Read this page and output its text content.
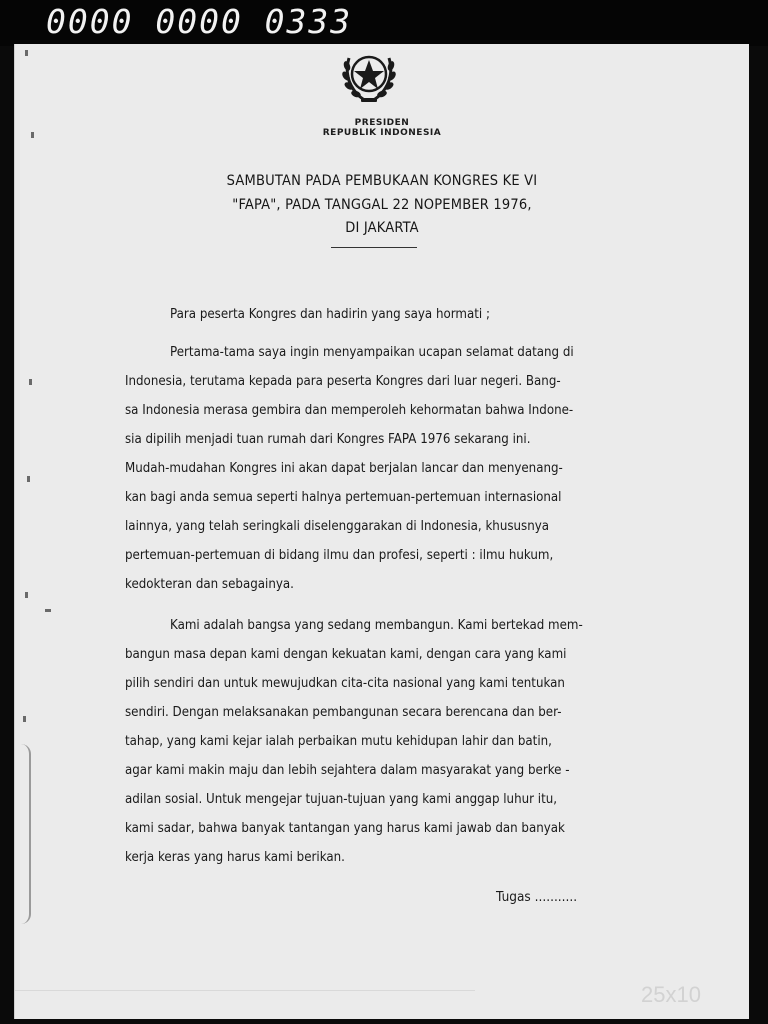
0000 0000 0333
PRESIDEN
REPUBLIK INDONESIA
SAMBUTAN PADA PEMBUKAAN KONGRES KE VI
"FAPA", PADA TANGGAL 22 NOPEMBER 1976,
DI JAKARTA
Para peserta Kongres dan hadirin yang saya hormati ;
Pertama-tama saya ingin menyampaikan ucapan selamat datang di
Indonesia, terutama kepada para peserta Kongres dari luar negeri. Bang-
sa Indonesia merasa gembira dan memperoleh kehormatan bahwa Indone-
sia dipilih menjadi tuan rumah dari Kongres FAPA 1976 sekarang ini.
Mudah-mudahan Kongres ini akan dapat berjalan lancar dan menyenang-
kan bagi anda semua seperti halnya pertemuan-pertemuan internasional
lainnya, yang telah seringkali diselenggarakan di Indonesia, khususnya
pertemuan-pertemuan di bidang ilmu dan profesi, seperti : ilmu hukum,
kedokteran dan sebagainya.
Kami adalah bangsa yang sedang membangun. Kami bertekad mem-
bangun masa depan kami dengan kekuatan kami, dengan cara yang kami
pilih sendiri dan untuk mewujudkan cita-cita nasional yang kami tentukan
sendiri. Dengan melaksanakan pembangunan secara berencana dan ber-
tahap, yang kami kejar ialah perbaikan mutu kehidupan lahir dan batin,
agar kami makin maju dan lebih sejahtera dalam masyarakat yang berke -
adilan sosial. Untuk mengejar tujuan-tujuan yang kami anggap luhur itu,
kami sadar, bahwa banyak tantangan yang harus kami jawab dan banyak
kerja keras yang harus kami berikan.
Tugas ...........
25x10
